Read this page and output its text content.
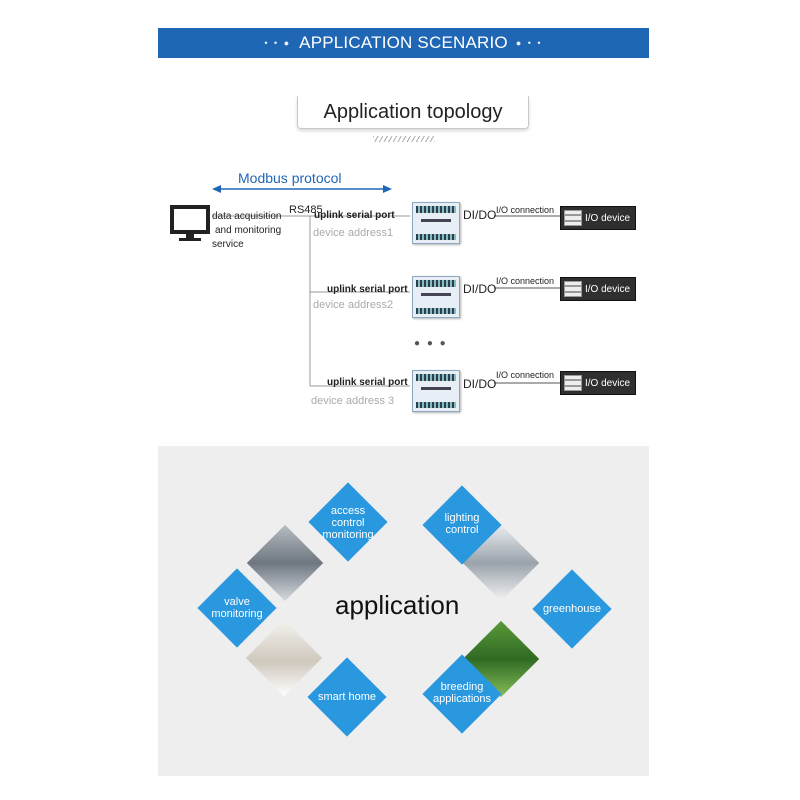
• • ● APPLICATION SCENARIO ● • •
Application topology
Modbus protocol
data acquisition
and monitoring
service
RS485
uplink serial port
device address1
DI/DO I/O connection
I/O device
uplink serial port
device address2
DI/DO
I/O connection
I/O device
● ● ●
uplink serial port
device address 3
DI/DO
I/O connection
I/O device
access
control
monitoring
valve
monitoring
smart home
lighting
control
greenhouse
breeding
applications
application
